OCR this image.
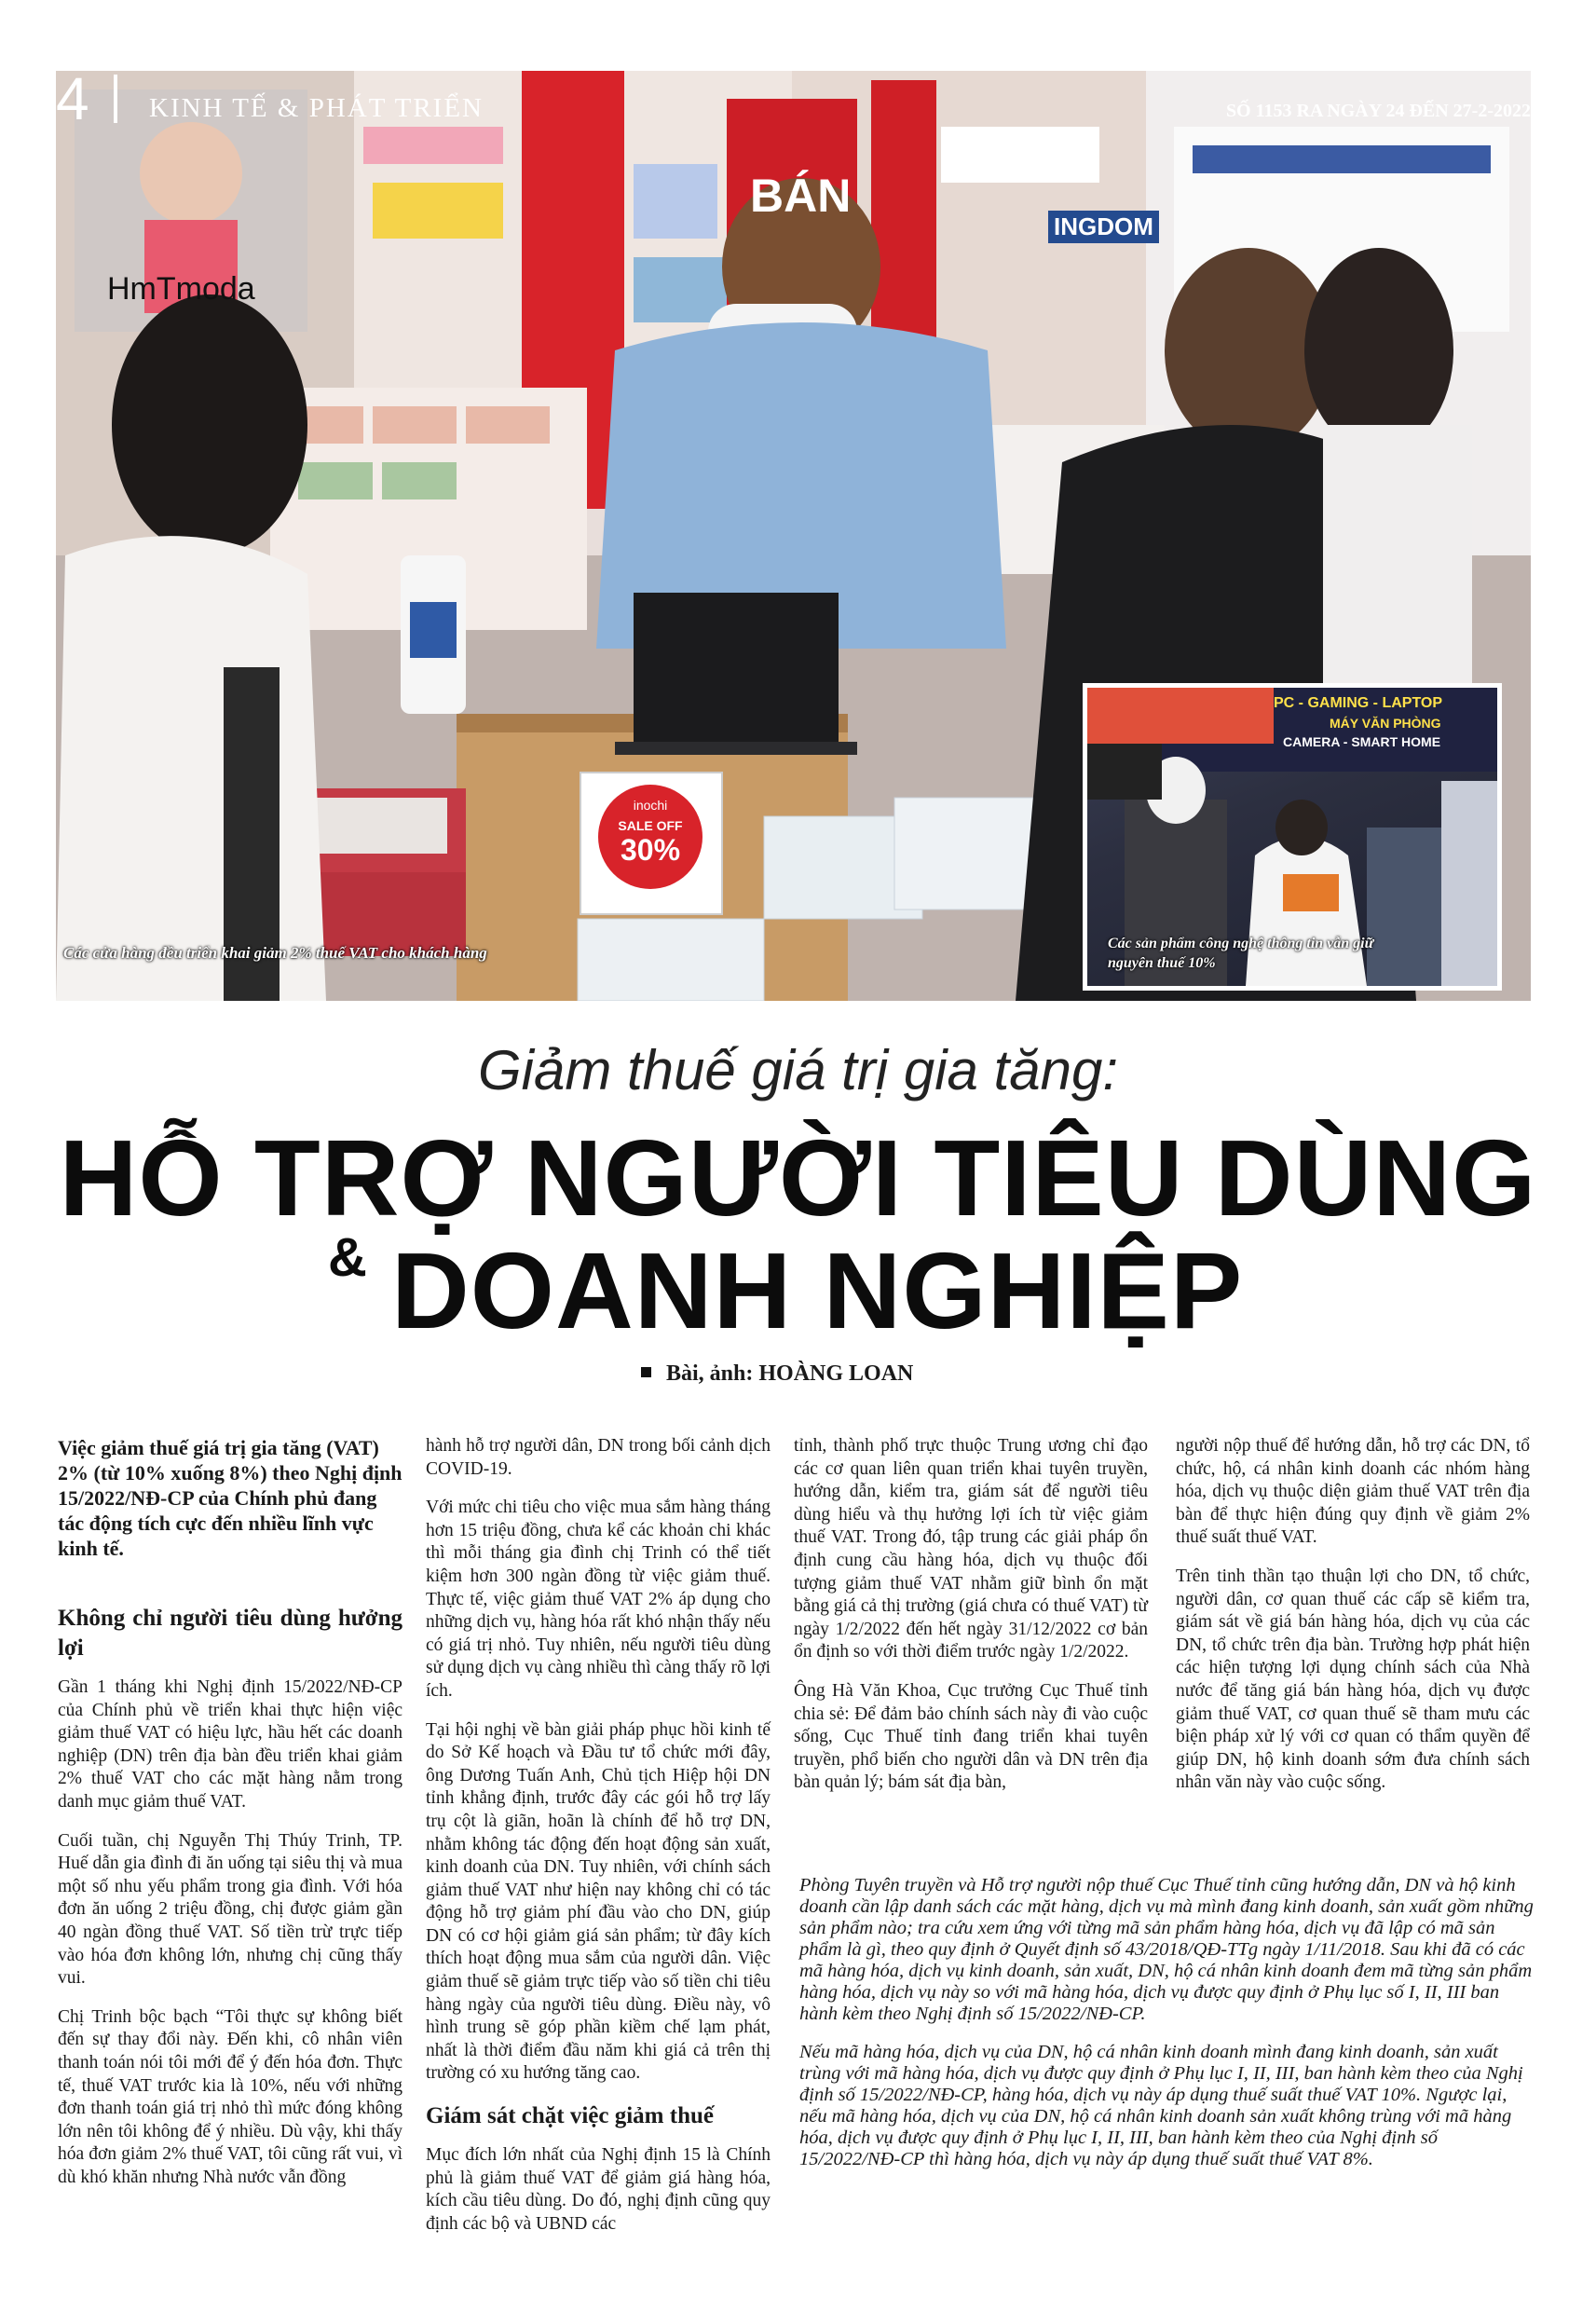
BÁN
HmTmoda
INGDOM
inochi
SALE OFF
30%
Các cửa hàng đều triển khai giảm 2% thuế VAT cho khách hàng
PC - GAMING - LAPTOP
MÁY VĂN PHÒNG
CAMERA - SMART HOME
Các sản phẩm công nghệ thông tin vẫn giữ nguyên thuế 10%
4 KINH TẾ & PHÁT TRIỂN	SỐ 1153 RA NGÀY 24 ĐẾN 27-2-2022
Giảm thuế giá trị gia tăng:
HỖ TRỢ NGƯỜI TIÊU DÙNG
& DOANH NGHIỆP
Bài, ảnh: HOÀNG LOAN

Việc giảm thuế giá trị gia tăng (VAT) 2% (từ 10% xuống 8%) theo Nghị định 15/2022/NĐ-CP của Chính phủ đang tác động tích cực đến nhiều lĩnh vực kinh tế.

Không chỉ người tiêu dùng hưởng lợi

Gần 1 tháng khi Nghị định 15/2022/NĐ-CP của Chính phủ về triển khai thực hiện việc giảm thuế VAT có hiệu lực, hầu hết các doanh nghiệp (DN) trên địa bàn đều triển khai giảm 2% thuế VAT cho các mặt hàng nằm trong danh mục giảm thuế VAT.

Cuối tuần, chị Nguyễn Thị Thúy Trinh, TP. Huế dẫn gia đình đi ăn uống tại siêu thị và mua một số nhu yếu phẩm trong gia đình. Với hóa đơn ăn uống 2 triệu đồng, chị được giảm gần 40 ngàn đồng thuế VAT. Số tiền trừ trực tiếp vào hóa đơn không lớn, nhưng chị cũng thấy vui.

Chị Trinh bộc bạch “Tôi thực sự không biết đến sự thay đổi này. Đến khi, cô nhân viên thanh toán nói tôi mới để ý đến hóa đơn. Thực tế, thuế VAT trước kia là 10%, nếu với những đơn thanh toán giá trị nhỏ thì mức đóng không lớn nên tôi không để ý nhiều. Dù vậy, khi thấy hóa đơn giảm 2% thuế VAT, tôi cũng rất vui, vì dù khó khăn nhưng Nhà nước vẫn đồng

hành hỗ trợ người dân, DN trong bối cảnh dịch COVID-19.

Với mức chi tiêu cho việc mua sắm hàng tháng hơn 15 triệu đồng, chưa kể các khoản chi khác thì mỗi tháng gia đình chị Trinh có thể tiết kiệm hơn 300 ngàn đồng từ việc giảm thuế. Thực tế, việc giảm thuế VAT 2% áp dụng cho những dịch vụ, hàng hóa rất khó nhận thấy nếu có giá trị nhỏ. Tuy nhiên, nếu người tiêu dùng sử dụng dịch vụ càng nhiều thì càng thấy rõ lợi ích.

Tại hội nghị về bàn giải pháp phục hồi kinh tế do Sở Kế hoạch và Đầu tư tổ chức mới đây, ông Dương Tuấn Anh, Chủ tịch Hiệp hội DN tỉnh khẳng định, trước đây các gói hỗ trợ lấy trụ cột là giãn, hoãn là chính để hỗ trợ DN, nhằm không tác động đến hoạt động sản xuất, kinh doanh của DN. Tuy nhiên, với chính sách giảm thuế VAT như hiện nay không chỉ có tác động hỗ trợ giảm phí đầu vào cho DN, giúp DN có cơ hội giảm giá sản phẩm; từ đây kích thích hoạt động mua sắm của người dân. Việc giảm thuế sẽ giảm trực tiếp vào số tiền chi tiêu hàng ngày của người tiêu dùng. Điều này, vô hình trung sẽ góp phần kiềm chế lạm phát, nhất là thời điểm đầu năm khi giá cả trên thị trường có xu hướng tăng cao.

Giám sát chặt việc giảm thuế

Mục đích lớn nhất của Nghị định 15 là Chính phủ là giảm thuế VAT để giảm giá hàng hóa, kích cầu tiêu dùng. Do đó, nghị định cũng quy định các bộ và UBND các

tỉnh, thành phố trực thuộc Trung ương chỉ đạo các cơ quan liên quan triển khai tuyên truyền, hướng dẫn, kiểm tra, giám sát để người tiêu dùng hiểu và thụ hưởng lợi ích từ việc giảm thuế VAT. Trong đó, tập trung các giải pháp ổn định cung cầu hàng hóa, dịch vụ thuộc đối tượng giảm thuế VAT nhằm giữ bình ổn mặt bằng giá cả thị trường (giá chưa có thuế VAT) từ ngày 1/2/2022 đến hết ngày 31/12/2022 cơ bản ổn định so với thời điểm trước ngày 1/2/2022.

Ông Hà Văn Khoa, Cục trưởng Cục Thuế tỉnh chia sẻ: Để đảm bảo chính sách này đi vào cuộc sống, Cục Thuế tỉnh đang triển khai tuyên truyền, phổ biến cho người dân và DN trên địa bàn quản lý; bám sát địa bàn,

người nộp thuế để hướng dẫn, hỗ trợ các DN, tổ chức, hộ, cá nhân kinh doanh các nhóm hàng hóa, dịch vụ thuộc diện giảm thuế VAT trên địa bàn để thực hiện đúng quy định về giảm 2% thuế suất thuế VAT.

Trên tinh thần tạo thuận lợi cho DN, tổ chức, người dân, cơ quan thuế các cấp sẽ kiểm tra, giám sát về giá bán hàng hóa, dịch vụ của các DN, tổ chức trên địa bàn. Trường hợp phát hiện các hiện tượng lợi dụng chính sách của Nhà nước để tăng giá bán hàng hóa, dịch vụ được giảm thuế VAT, cơ quan thuế sẽ tham mưu các biện pháp xử lý với cơ quan có thẩm quyền để giúp DN, hộ kinh doanh sớm đưa chính sách nhân văn này vào cuộc sống.

Phòng Tuyên truyền và Hỗ trợ người nộp thuế Cục Thuế tỉnh cũng hướng dẫn, DN và hộ kinh doanh cần lập danh sách các mặt hàng, dịch vụ mà mình đang kinh doanh, sản xuất gồm những sản phẩm nào; tra cứu xem ứng với từng mã sản phẩm hàng hóa, dịch vụ đã lập có mã sản phẩm là gì, theo quy định ở Quyết định số 43/2018/QĐ-TTg ngày 1/11/2018. Sau khi đã có các mã hàng hóa, dịch vụ kinh doanh, sản xuất, DN, hộ cá nhân kinh doanh đem mã từng sản phẩm hàng hóa, dịch vụ này so với mã hàng hóa, dịch vụ được quy định ở Phụ lục số I, II, III ban hành kèm theo Nghị định số 15/2022/NĐ-CP.

Nếu mã hàng hóa, dịch vụ của DN, hộ cá nhân kinh doanh mình đang kinh doanh, sản xuất trùng với mã hàng hóa, dịch vụ được quy định ở Phụ lục I, II, III, ban hành kèm theo của Nghị định số 15/2022/NĐ-CP, hàng hóa, dịch vụ này áp dụng thuế suất thuế VAT 10%. Ngược lại, nếu mã hàng hóa, dịch vụ của DN, hộ cá nhân kinh doanh sản xuất không trùng với mã hàng hóa, dịch vụ được quy định ở Phụ lục I, II, III, ban hành kèm theo của Nghị định số 15/2022/NĐ-CP thì hàng hóa, dịch vụ này áp dụng thuế suất thuế VAT 8%.
